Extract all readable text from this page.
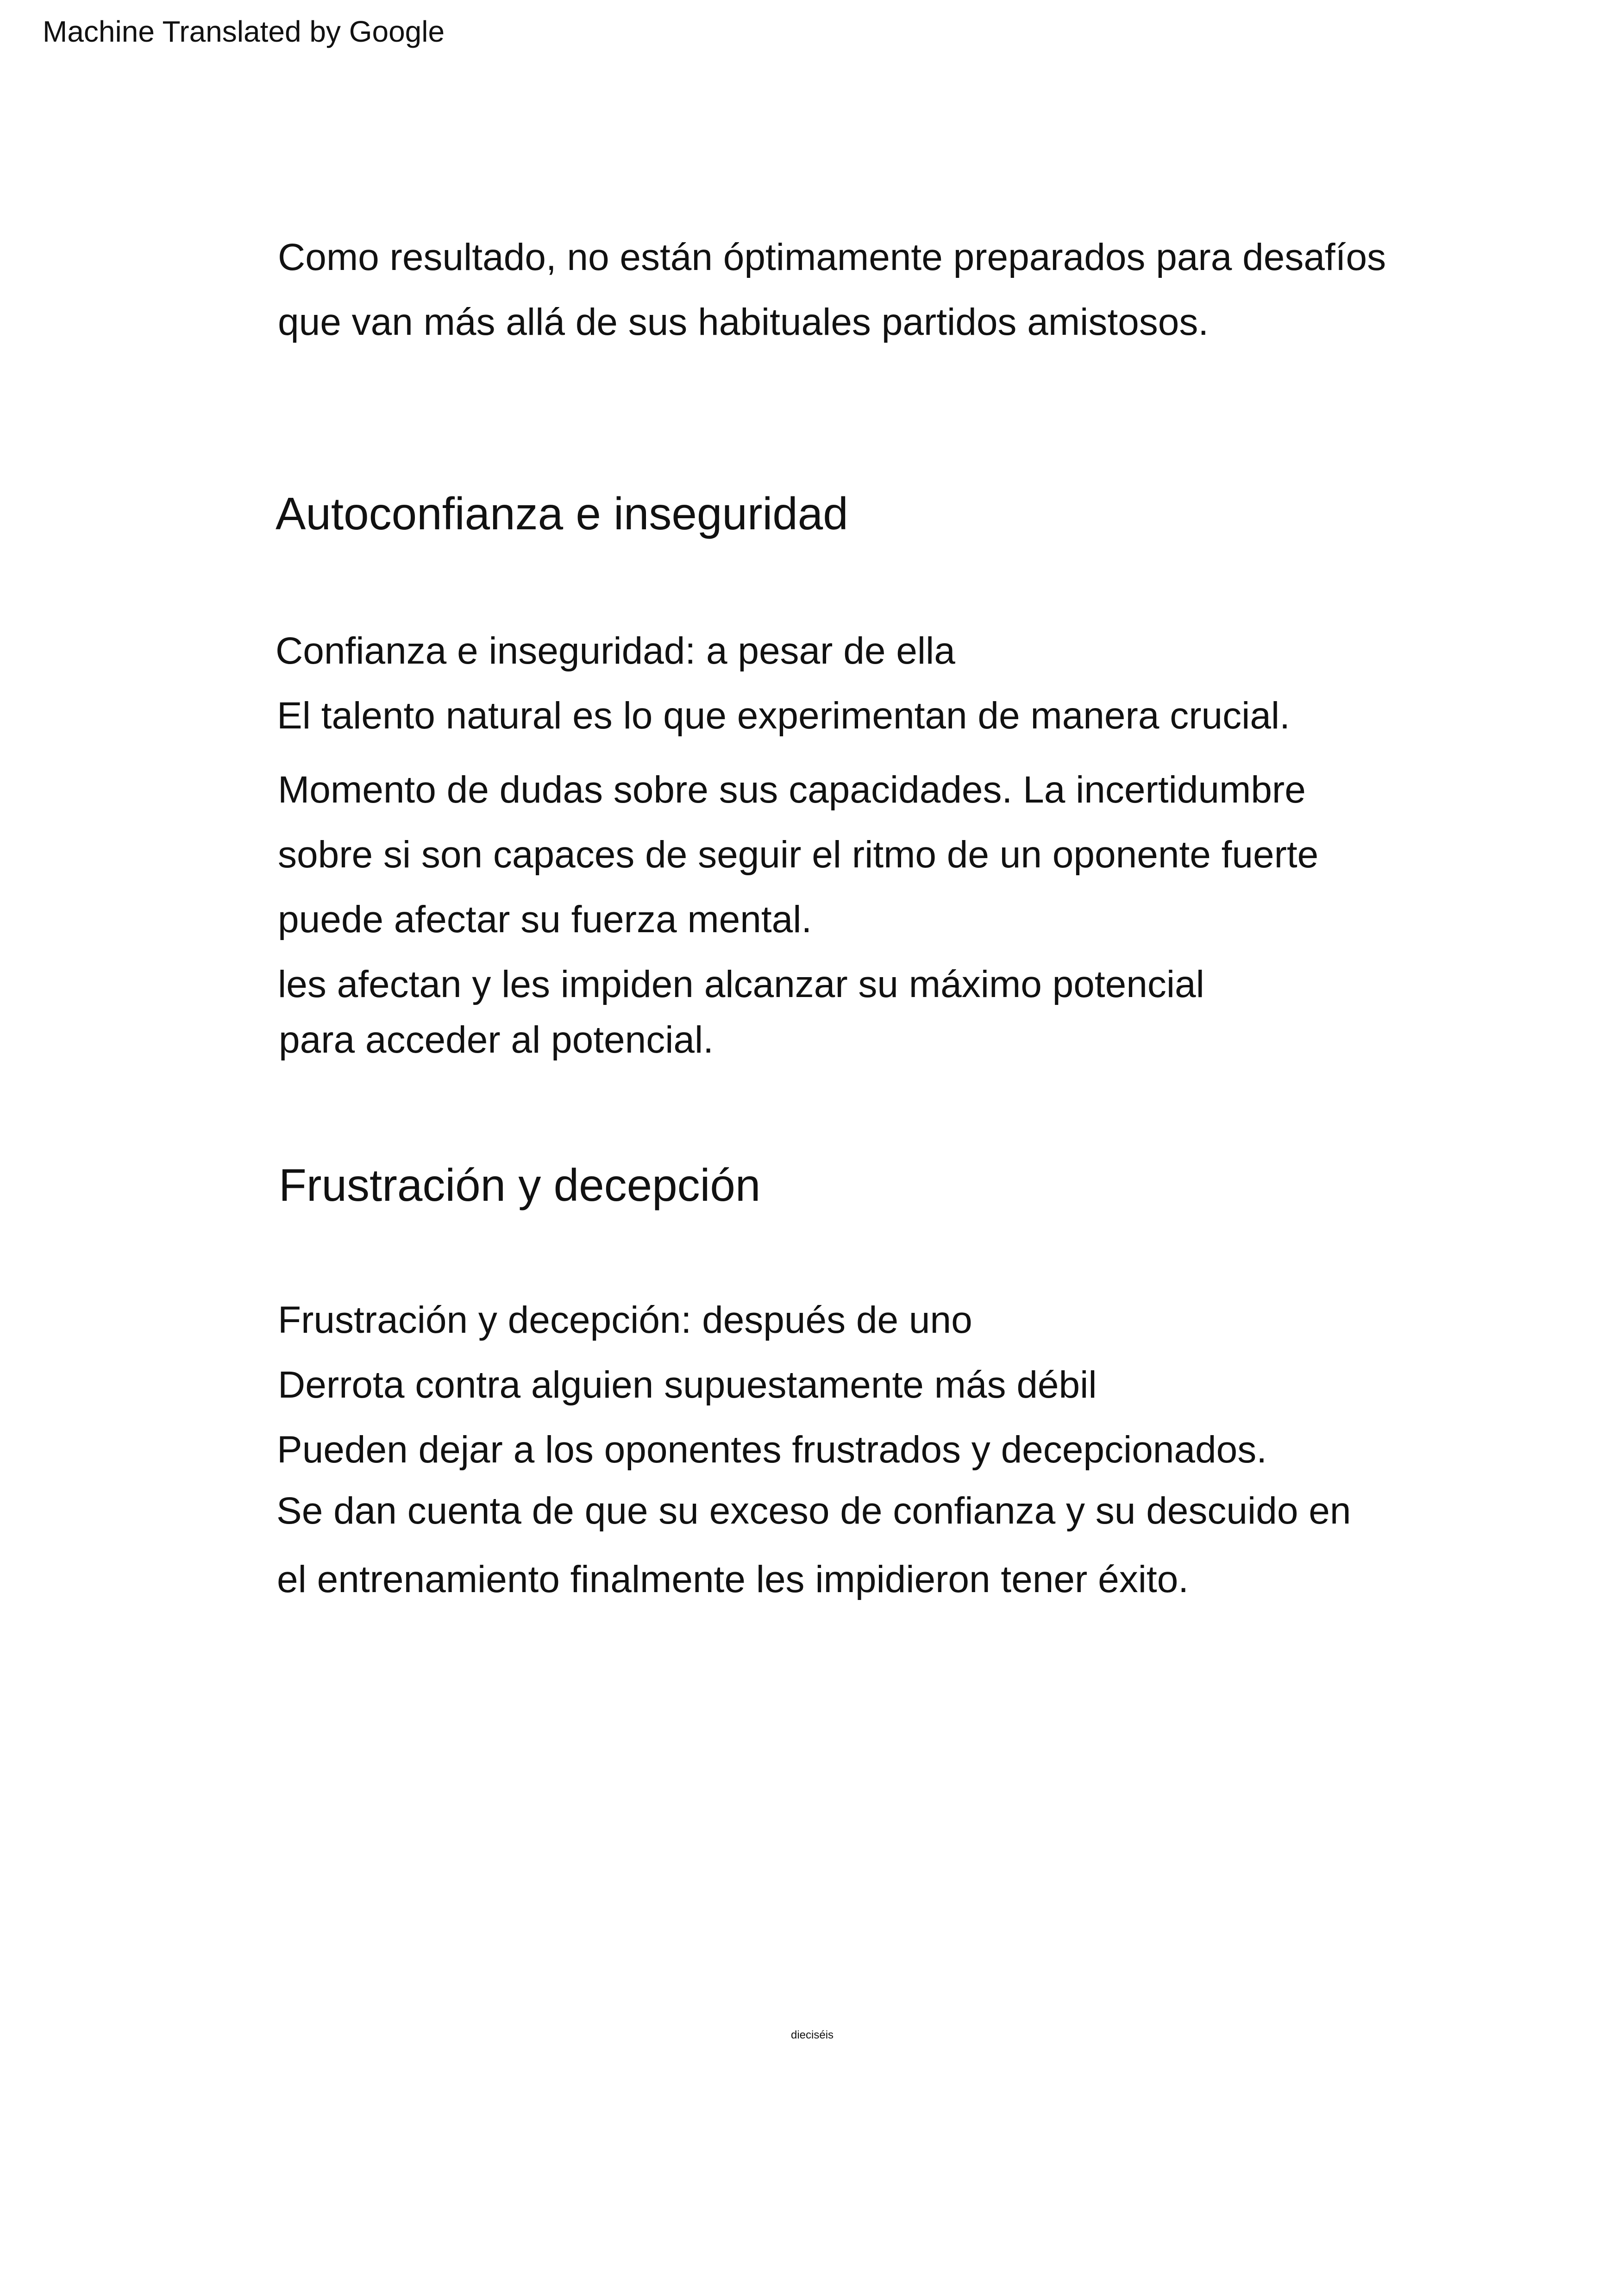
Machine Translated by Google
Como resultado, no están óptimamente preparados para desafíos
que van más allá de sus habituales partidos amistosos.
Autoconfianza e inseguridad
Confianza e inseguridad: a pesar de ella
El talento natural es lo que experimentan de manera crucial.
Momento de dudas sobre sus capacidades. La incertidumbre
sobre si son capaces de seguir el ritmo de un oponente fuerte
puede afectar su fuerza mental.
les afectan y les impiden alcanzar su máximo potencial
para acceder al potencial.
Frustración y decepción
Frustración y decepción: después de uno
Derrota contra alguien supuestamente más débil
Pueden dejar a los oponentes frustrados y decepcionados.
Se dan cuenta de que su exceso de confianza y su descuido en
el entrenamiento finalmente les impidieron tener éxito.
dieciséis
